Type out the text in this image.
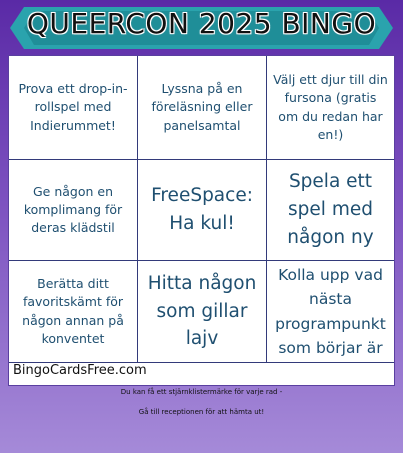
QUEERCON 2025 BINGO
Prova ett drop-in-rollspel med Indierummet!
Lyssna på en föreläsning eller panelsamtal
Välj ett djur till din fursona (gratis om du redan har en!)
Ge någon en komplimang för deras klädstil
FreeSpace: Ha kul!
Spela ett spel med någon ny
Berätta ditt favoritskämt för någon annan på konventet
Hitta någon som gillar lajv
Kolla upp vad nästa programpunkt som börjar är
BingoCardsFree.com
Du kan få ett stjärnklistermärke för varje rad -
Gå till receptionen för att hämta ut!
